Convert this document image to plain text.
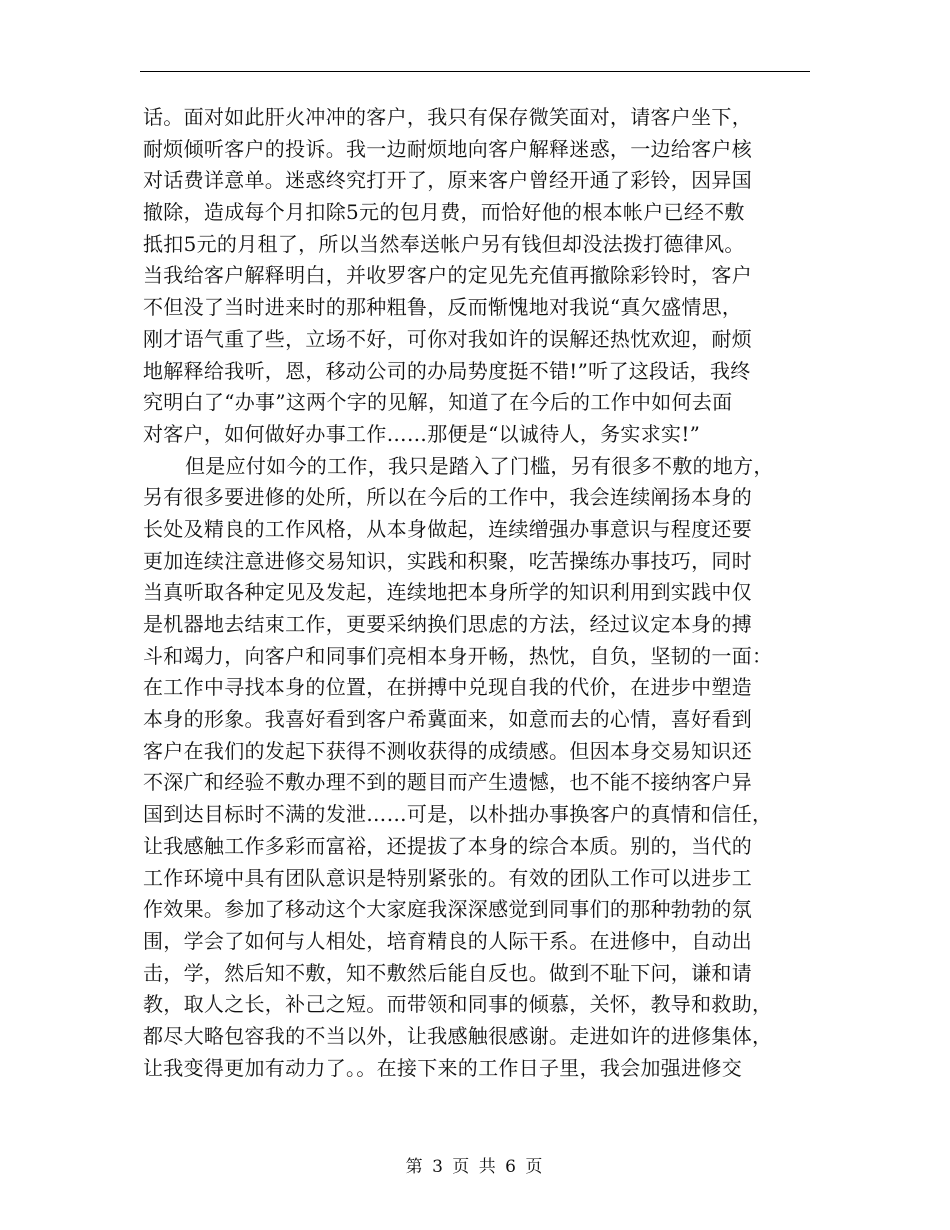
话。面对如此肝火冲冲的客户，我只有保存微笑面对，请客户坐下，
耐烦倾听客户的投诉。我一边耐烦地向客户解释迷惑，一边给客户核
对话费详意单。迷惑终究打开了，原来客户曾经开通了彩铃，因异国
撤除，造成每个月扣除5元的包月费，而恰好他的根本帐户已经不敷
抵扣5元的月租了，所以当然奉送帐户另有钱但却没法拨打德律风。
当我给客户解释明白，并收罗客户的定见先充值再撤除彩铃时，客户
不但没了当时进来时的那种粗鲁，反而惭愧地对我说“真欠盛情思，
刚才语气重了些，立场不好，可你对我如许的误解还热忱欢迎，耐烦
地解释给我听，恩，移动公司的办局势度挺不错!”听了这段话，我终
究明白了“办事”这两个字的见解，知道了在今后的工作中如何去面
对客户，如何做好办事工作……那便是“以诚待人，务实求实!”
但是应付如今的工作，我只是踏入了门槛，另有很多不敷的地方，
另有很多要进修的处所，所以在今后的工作中，我会连续阐扬本身的
长处及精良的工作风格，从本身做起，连续缯强办事意识与程度还要
更加连续注意进修交易知识，实践和积聚，吃苦操练办事技巧，同时
当真听取各种定见及发起，连续地把本身所学的知识利用到实践中仅
是机器地去结束工作，更要采纳换们思虑的方法，经过议定本身的搏
斗和竭力，向客户和同事们亮相本身开畅，热忱，自负，坚韧的一面：
在工作中寻找本身的位置，在拼搏中兑现自我的代价，在进步中塑造
本身的形象。我喜好看到客户希冀面来，如意而去的心情，喜好看到
客户在我们的发起下获得不测收获得的成绩感。但因本身交易知识还
不深广和经验不敷办理不到的题目而产生遗憾，也不能不接纳客户异
国到达目标时不满的发泄……可是，以朴拙办事换客户的真情和信任，
让我感触工作多彩而富裕，还提拔了本身的综合本质。别的，当代的
工作环境中具有团队意识是特别紧张的。有效的团队工作可以进步工
作效果。参加了移动这个大家庭我深深感觉到同事们的那种勃勃的氛
围，学会了如何与人相处，培育精良的人际干系。在进修中，自动出
击，学，然后知不敷，知不敷然后能自反也。做到不耻下问，谦和请
教，取人之长，补己之短。而带领和同事的倾慕，关怀，教导和救助，
都尽大略包容我的不当以外，让我感触很感谢。走进如许的进修集体，
让我变得更加有动力了。。在接下来的工作日子里，我会加强进修交
第 3 页 共 6 页
